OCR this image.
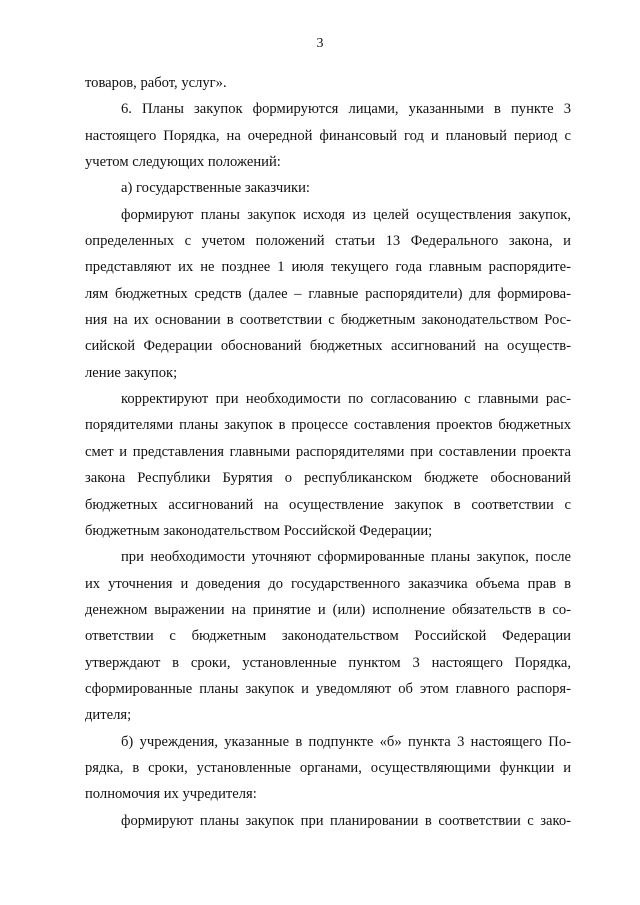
3
товаров, работ, услуг».
6. Планы закупок формируются лицами, указанными в пункте 3
настоящего Порядка, на очередной финансовый год и плановый период с
учетом следующих положений:
а) государственные заказчики:
формируют планы закупок исходя из целей осуществления закупок,
определенных с учетом положений статьи 13 Федерального закона, и
представляют их не позднее 1 июля текущего года главным распорядите-
лям бюджетных средств (далее – главные распорядители) для формирова-
ния на их основании в соответствии с бюджетным законодательством Рос-
сийской Федерации обоснований бюджетных ассигнований на осуществ-
ление закупок;
корректируют при необходимости по согласованию с главными рас-
порядителями планы закупок в процессе составления проектов бюджетных
смет и представления главными распорядителями при составлении проекта
закона Республики Бурятия о республиканском бюджете обоснований
бюджетных ассигнований на осуществление закупок в соответствии с
бюджетным законодательством Российской Федерации;
при необходимости уточняют сформированные планы закупок, после
их уточнения и доведения до государственного заказчика объема прав в
денежном выражении на принятие и (или) исполнение обязательств в со-
ответствии с бюджетным законодательством Российской Федерации
утверждают в сроки, установленные пунктом 3 настоящего Порядка,
сформированные планы закупок и уведомляют об этом главного распоря-
дителя;
б) учреждения, указанные в подпункте «б» пункта 3 настоящего По-
рядка, в сроки, установленные органами, осуществляющими функции и
полномочия их учредителя:
формируют планы закупок при планировании в соответствии с зако-
